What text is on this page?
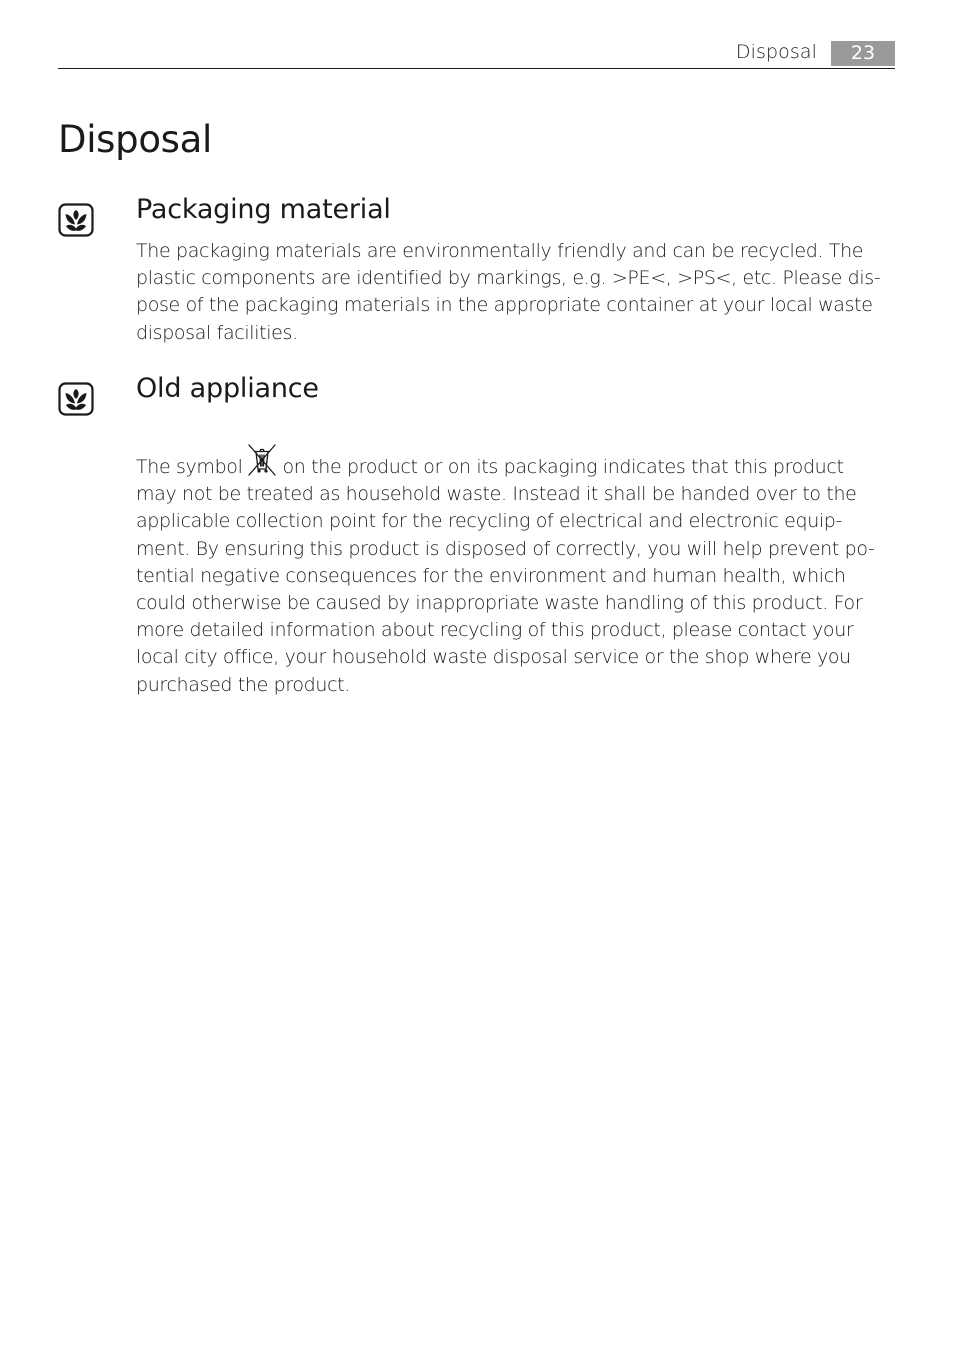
Disposal	23
Disposal
Packaging material

The packaging materials are environmentally friendly and can be recycled. The
plastic components are identified by markings, e.g. >PE<, >PS<, etc. Please dis-
pose of the packaging materials in the appropriate container at your local waste
disposal facilities.

Old appliance

The symbol on the product or on its packaging indicates that this product
may not be treated as household waste. Instead it shall be handed over to the
applicable collection point for the recycling of electrical and electronic equip-
ment. By ensuring this product is disposed of correctly, you will help prevent po-
tential negative consequences for the environment and human health, which
could otherwise be caused by inappropriate waste handling of this product. For
more detailed information about recycling of this product, please contact your
local city office, your household waste disposal service or the shop where you
purchased the product.
